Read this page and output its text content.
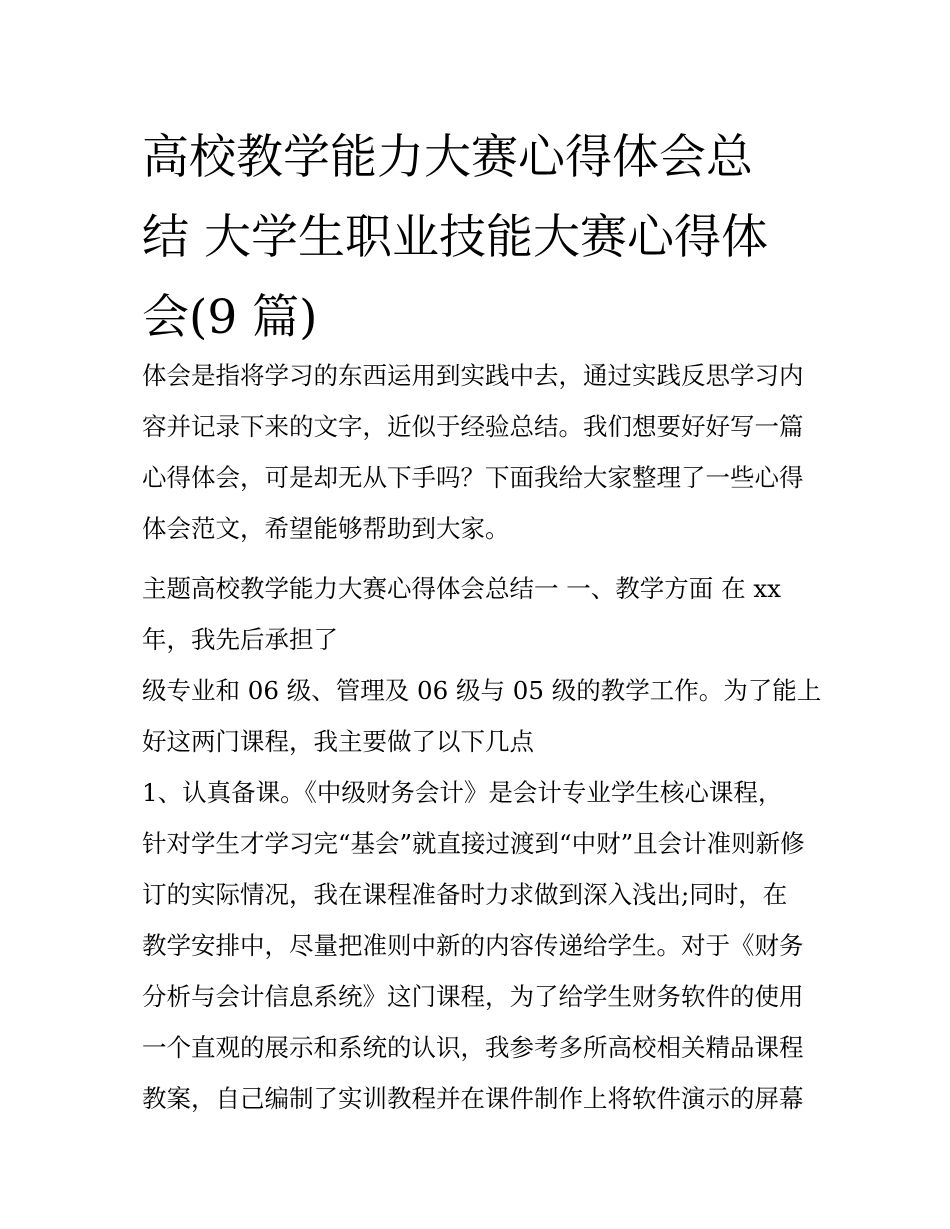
高校教学能力大赛心得体会总
结 大学生职业技能大赛心得体
会(9 篇)

体会是指将学习的东西运用到实践中去，通过实践反思学习内

容并记录下来的文字，近似于经验总结。我们想要好好写一篇

心得体会，可是却无从下手吗？下面我给大家整理了一些心得

体会范文，希望能够帮助到大家。

主题高校教学能力大赛心得体会总结一 一、教学方面 在 xx

年，我先后承担了

级专业和 06 级、管理及 06 级与 05 级的教学工作。为了能上

好这两门课程，我主要做了以下几点

1、认真备课。《中级财务会计》是会计专业学生核心课程，

针对学生才学习完“基会”就直接过渡到“中财”且会计准则新修

订的实际情况，我在课程准备时力求做到深入浅出;同时，在

教学安排中，尽量把准则中新的内容传递给学生。对于《财务

分析与会计信息系统》这门课程，为了给学生财务软件的使用

一个直观的展示和系统的认识，我参考多所高校相关精品课程

教案，自己编制了实训教程并在课件制作上将软件演示的屏幕
